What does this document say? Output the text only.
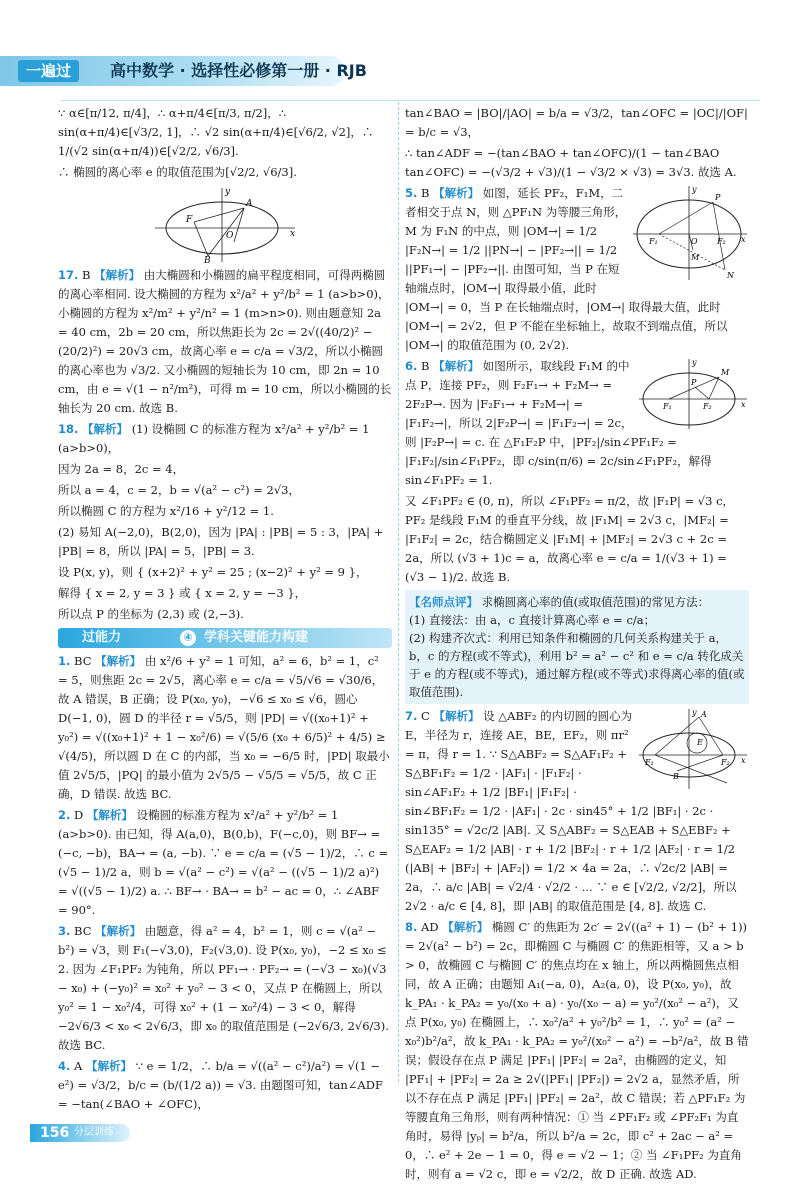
一遍过	高中数学 · 选择性必修第一册 · RJB

∵ α∈[π/12, π/4]，∴ α+π/4∈[π/3, π/2]，∴ sin(α+π/4)∈[√3/2, 1]，∴ √2 sin(α+π/4)∈[√6/2, √2]，∴ 1/(√2 sin(α+π/4))∈[√2/2, √6/3].

∴ 椭圆的离心率 e 的取值范围为[√2/2, √6/3].

A
F
O
B
x
y

17. B 【解析】 由大椭圆和小椭圆的扁平程度相同，可得两椭圆的离心率相同. 设大椭圆的方程为 x²/a² + y²/b² = 1 (a>b>0)，小椭圆的方程为 x²/m² + y²/n² = 1 (m>n>0). 则由题意知 2a = 40 cm，2b = 20 cm，所以焦距长为 2c = 2√((40/2)² − (20/2)²) = 20√3 cm，故离心率 e = c/a = √3/2，所以小椭圆的离心率也为 √3/2. 又小椭圆的短轴长为 10 cm，即 2n = 10 cm，由 e = √(1 − n²/m²)，可得 m = 10 cm，所以小椭圆的长轴长为 20 cm. 故选 B.

18. 【解析】 (1) 设椭圆 C 的标准方程为 x²/a² + y²/b² = 1 (a>b>0)，

因为 2a = 8，2c = 4，

所以 a = 4，c = 2，b = √(a² − c²) = 2√3，

所以椭圆 C 的方程为 x²/16 + y²/12 = 1.

(2) 易知 A(−2,0)，B(2,0)，因为 |PA| : |PB| = 5 : 3，|PA| + |PB| = 8，所以 |PA| = 5，|PB| = 3.

设 P(x, y)，则 { (x+2)² + y² = 25 ; (x−2)² + y² = 9 }，

解得 { x = 2, y = 3 } 或 { x = 2, y = −3 }，

所以点 P 的坐标为 (2,3) 或 (2,−3).

过能力	④ 学科关键能力构建

1. BC 【解析】 由 x²/6 + y² = 1 可知，a² = 6，b² = 1，c² = 5，则焦距 2c = 2√5，离心率 e = c/a = √5/√6 = √30/6，故 A 错误，B 正确；设 P(x₀, y₀)，−√6 ≤ x₀ ≤ √6，圆心 D(−1, 0)，圆 D 的半径 r = √5/5，则 |PD| = √((x₀+1)² + y₀²) = √((x₀+1)² + 1 − x₀²/6) = √(5/6 (x₀ + 6/5)² + 4/5) ≥ √(4/5)，所以圆 D 在 C 的内部，当 x₀ = −6/5 时，|PD| 取最小值 2√5/5，|PQ| 的最小值为 2√5/5 − √5/5 = √5/5，故 C 正确，D 错误. 故选 BC.

2. D 【解析】 设椭圆的标准方程为 x²/a² + y²/b² = 1 (a>b>0). 由已知，得 A(a,0)，B(0,b)，F(−c,0)，则 BF→ = (−c, −b)，BA→ = (a, −b). ∵ e = c/a = (√5 − 1)/2，∴ c = (√5 − 1)/2 a，则 b = √(a² − c²) = √(a² − ((√5 − 1)/2 a)²) = √((√5 − 1)/2) a. ∴ BF→ · BA→ = b² − ac = 0，∴ ∠ABF = 90°.

3. BC 【解析】 由题意，得 a² = 4，b² = 1，则 c = √(a² − b²) = √3，则 F₁(−√3,0)，F₂(√3,0). 设 P(x₀, y₀)，−2 ≤ x₀ ≤ 2. 因为 ∠F₁PF₂ 为钝角，所以 PF₁→ · PF₂→ = (−√3 − x₀)(√3 − x₀) + (−y₀)² = x₀² + y₀² − 3 < 0，又点 P 在椭圆上，所以 y₀² = 1 − x₀²/4，可得 x₀² + (1 − x₀²/4) − 3 < 0，解得 −2√6/3 < x₀ < 2√6/3，即 x₀ 的取值范围是 (−2√6/3, 2√6/3). 故选 BC.

4. A 【解析】 ∵ e = 1/2，∴ b/a = √((a² − c²)/a²) = √(1 − e²) = √3/2，b/c = (b/(1/2 a)) = √3. 由题图可知，tan∠ADF = −tan(∠BAO + ∠OFC)，

tan∠BAO = |BO|/|AO| = b/a = √3/2，tan∠OFC = |OC|/|OF| = b/c = √3，

∴ tan∠ADF = −(tan∠BAO + tan∠OFC)/(1 − tan∠BAO tan∠OFC) = −(√3/2 + √3)/(1 − √3/2 × √3) = 3√3. 故选 A.

P
F₁	F₂
O
M
N
x
y

5. B 【解析】 如图，延长 PF₂，F₁M，二者相交于点 N，则 △PF₁N 为等腰三角形，M 为 F₁N 的中点，则 |OM→| = 1/2 |F₂N→| = 1/2 ||PN→| − |PF₂→|| = 1/2 ||PF₁→| − |PF₂→||. 由图可知，当 P 在短轴端点时，|OM→| 取得最小值，此时 |OM→| = 0，当 P 在长轴端点时，|OM→| 取得最大值，此时 |OM→| = 2√2，但 P 不能在坐标轴上，故取不到端点值，所以 |OM→| 的取值范围为 (0, 2√2).

M
P
F₁	F₂	x
y

6. B 【解析】 如图所示，取线段 F₁M 的中点 P，连接 PF₂，则 F₂F₁→ + F₂M→ = 2F₂P→. 因为 |F₂F₁→ + F₂M→| = |F₁F₂→|，所以 2|F₂P→| = |F₁F₂→| = 2c，则 |F₂P→| = c. 在 △F₁F₂P 中，|PF₂|/sin∠PF₁F₂ = |F₁F₂|/sin∠F₁PF₂，即 c/sin(π/6) = 2c/sin∠F₁PF₂，解得 sin∠F₁PF₂ = 1.

又 ∠F₁PF₂ ∈ (0, π)，所以 ∠F₁PF₂ = π/2，故 |F₁P| = √3 c，PF₂ 是线段 F₁M 的垂直平分线，故 |F₁M| = 2√3 c，|MF₂| = |F₁F₂| = 2c，结合椭圆定义 |F₁M| + |MF₂| = 2√3 c + 2c = 2a，所以 (√3 + 1)c = a，故离心率 e = c/a = 1/(√3 + 1) = (√3 − 1)/2. 故选 B.

【名师点评】 求椭圆离心率的值(或取值范围)的常见方法：
(1) 直接法：由 a，c 直接计算离心率 e = c/a；
(2) 构建齐次式：利用已知条件和椭圆的几何关系构建关于 a，b，c 的方程(或不等式)，利用 b² = a² − c² 和 e = c/a 转化成关于 e 的方程(或不等式)，通过解方程(或不等式)求得离心率的值(或取值范围).
A
E
F₁	F₂
B
x
y

7. C 【解析】 设 △ABF₂ 的内切圆的圆心为 E，半径为 r，连接 AE，BE，EF₂，则 πr² = π，得 r = 1. ∵ S△ABF₂ = S△AF₁F₂ + S△BF₁F₂ = 1/2 · |AF₁| · |F₁F₂| · sin∠AF₁F₂ + 1/2 |BF₁| |F₁F₂| · sin∠BF₁F₂ = 1/2 · |AF₁| · 2c · sin45° + 1/2 |BF₁| · 2c · sin135° = √2c/2 |AB|. 又 S△ABF₂ = S△EAB + S△EBF₂ + S△EAF₂ = 1/2 |AB| · r + 1/2 |BF₂| · r + 1/2 |AF₂| · r = 1/2 (|AB| + |BF₂| + |AF₂|) = 1/2 × 4a = 2a，∴ √2c/2 |AB| = 2a，∴ a/c |AB| = √2/4 · √2/2 · ... ∵ e ∈ [√2/2, √2/2]，所以 2√2 · a/c ∈ [4, 8]，即 |AB| 的取值范围是 [4, 8]. 故选 C.

8. AD 【解析】 椭圆 C′ 的焦距为 2c′ = 2√((a² + 1) − (b² + 1)) = 2√(a² − b²) = 2c，即椭圆 C 与椭圆 C′ 的焦距相等，又 a > b > 0，故椭圆 C 与椭圆 C′ 的焦点均在 x 轴上，所以两椭圆焦点相同，故 A 正确；由题知 A₁(−a, 0)，A₂(a, 0)，设 P(x₀, y₀)，故 k_PA₁ · k_PA₂ = y₀/(x₀ + a) · y₀/(x₀ − a) = y₀²/(x₀² − a²)，又点 P(x₀, y₀) 在椭圆上，∴ x₀²/a² + y₀²/b² = 1，∴ y₀² = (a² − x₀²)b²/a²，故 k_PA₁ · k_PA₂ = y₀²/(x₀² − a²) = −b²/a²，故 B 错误；假设存在点 P 满足 |PF₁| |PF₂| = 2a²，由椭圆的定义，知 |PF₁| + |PF₂| = 2a ≥ 2√(|PF₁| |PF₂|) = 2√2 a，显然矛盾，所以不存在点 P 满足 |PF₁| |PF₂| = 2a²，故 C 错误；若 △PF₁F₂ 为等腰直角三角形，则有两种情况：① 当 ∠PF₁F₂ 或 ∠PF₂F₁ 为直角时，易得 |yₚ| = b²/a，所以 b²/a = 2c，即 c² + 2ac − a² = 0，∴ e² + 2e − 1 = 0，得 e = √2 − 1；② 当 ∠F₁PF₂ 为直角时，则有 a = √2 c，即 e = √2/2，故 D 正确. 故选 AD.

156 分层训练
